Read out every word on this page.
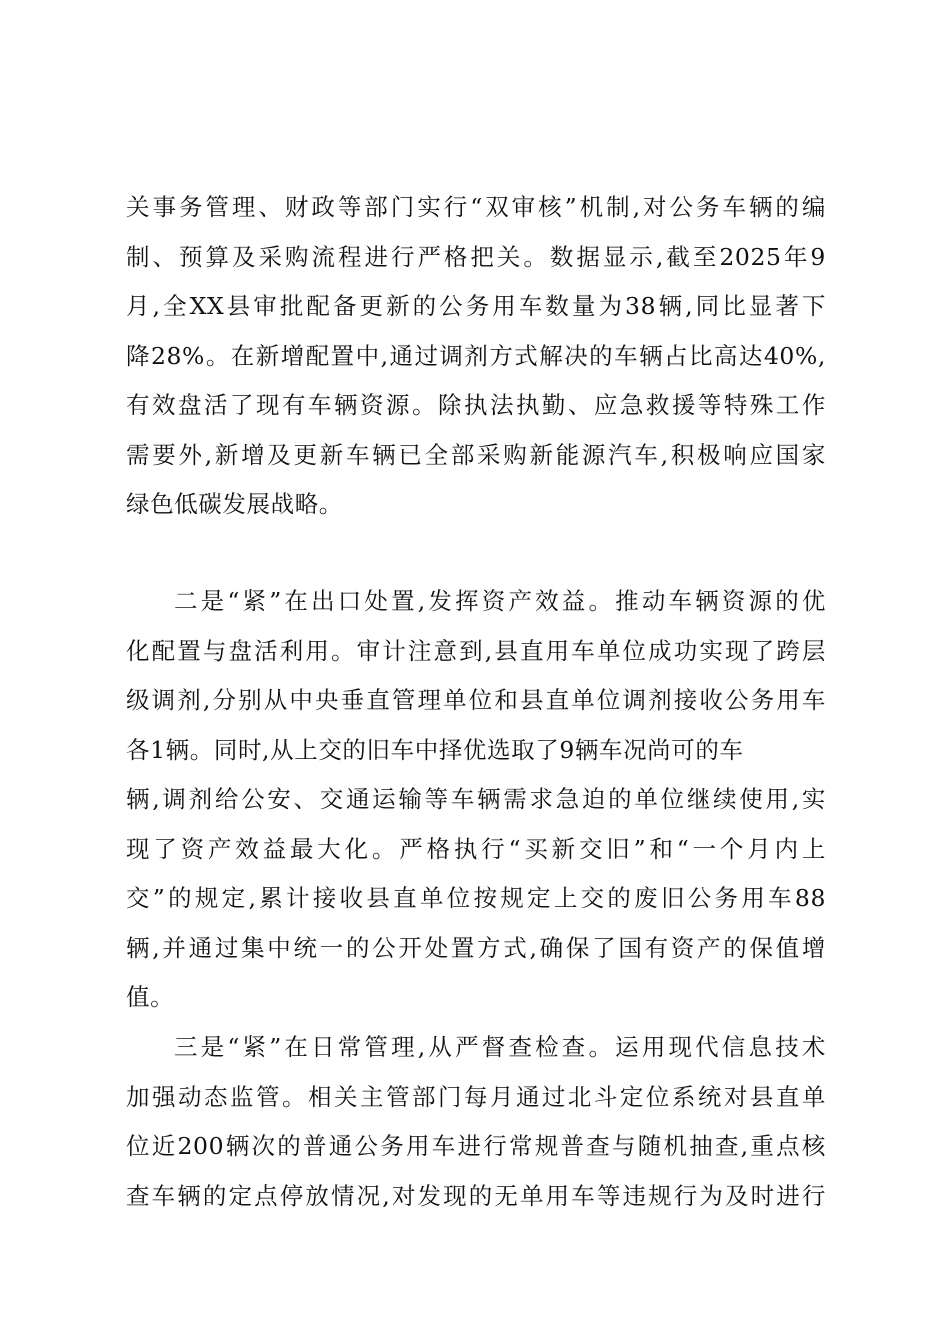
关事务管理、财政等部门实行“双审核”机制,对公务车辆的编
制、预算及采购流程进行严格把关。数据显示,截至2025年9
月,全XX县审批配备更新的公务用车数量为38辆,同比显著下
降28%。在新增配置中,通过调剂方式解决的车辆占比高达40%,
有效盘活了现有车辆资源。除执法执勤、应急救援等特殊工作
需要外,新增及更新车辆已全部采购新能源汽车,积极响应国家
绿色低碳发展战略。
二是“紧”在出口处置,发挥资产效益。推动车辆资源的优
化配置与盘活利用。审计注意到,县直用车单位成功实现了跨层
级调剂,分别从中央垂直管理单位和县直单位调剂接收公务用车
各1辆。同时,从上交的旧车中择优选取了9辆车况尚可的车
辆,调剂给公安、交通运输等车辆需求急迫的单位继续使用,实
现了资产效益最大化。严格执行“买新交旧”和“一个月内上
交”的规定,累计接收县直单位按规定上交的废旧公务用车88
辆,并通过集中统一的公开处置方式,确保了国有资产的保值增
值。
三是“紧”在日常管理,从严督查检查。运用现代信息技术
加强动态监管。相关主管部门每月通过北斗定位系统对县直单
位近200辆次的普通公务用车进行常规普查与随机抽查,重点核
查车辆的定点停放情况,对发现的无单用车等违规行为及时进行
